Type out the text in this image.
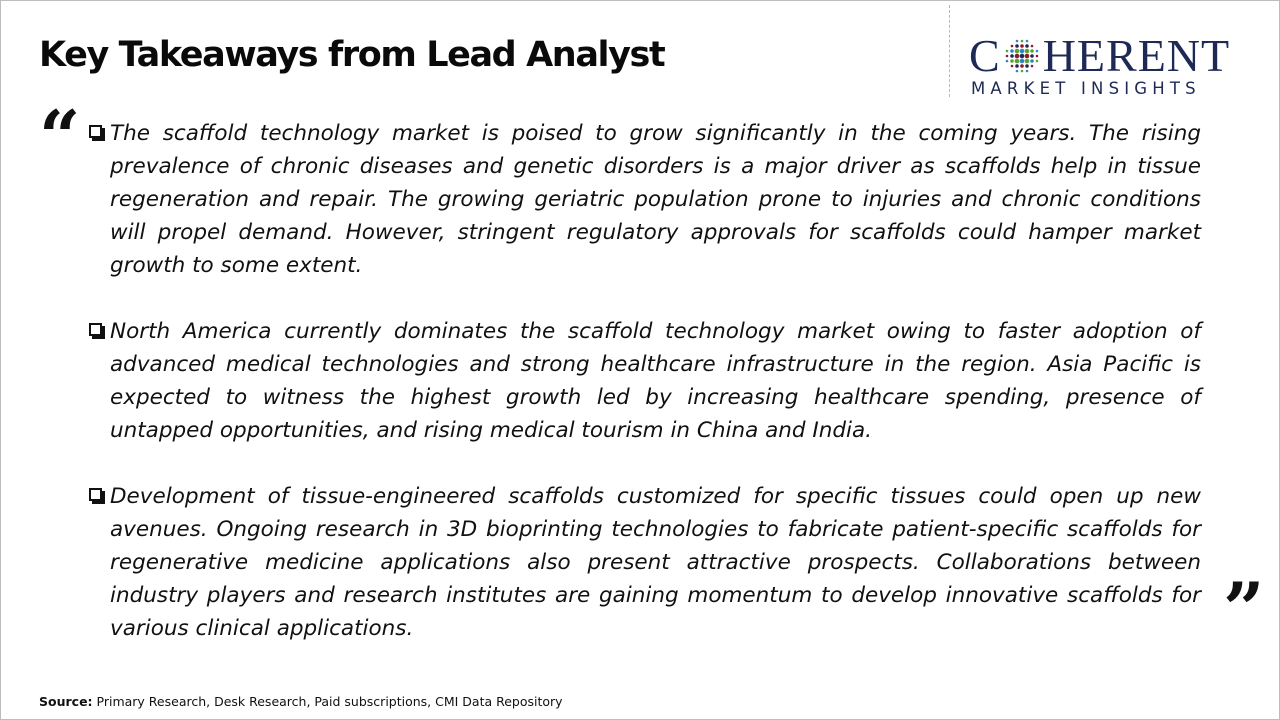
Key Takeaways from Lead Analyst	C HERENT
MARKET INSIGHTS
“ The scaffold technology market is poised to grow significantly in the coming years. The rising prevalence of chronic diseases and genetic disorders is a major driver as scaffolds help in tissue regeneration and repair. The growing geriatric population prone to injuries and chronic conditions will propel demand. However, stringent regulatory approvals for scaffolds could hamper market growth to some extent.

North America currently dominates the scaffold technology market owing to faster adoption of advanced medical technologies and strong healthcare infrastructure in the region. Asia Pacific is expected to witness the highest growth led by increasing healthcare spending, presence of untapped opportunities, and rising medical tourism in China and India.

Development of tissue-engineered scaffolds customized for specific tissues could open up new avenues. Ongoing research in 3D bioprinting technologies to fabricate patient-specific scaffolds for regenerative medicine applications also present attractive prospects. Collaborations between industry players and research institutes are gaining momentum to develop innovative scaffolds for various clinical applications.	”
Source: Primary Research, Desk Research, Paid subscriptions, CMI Data Repository
